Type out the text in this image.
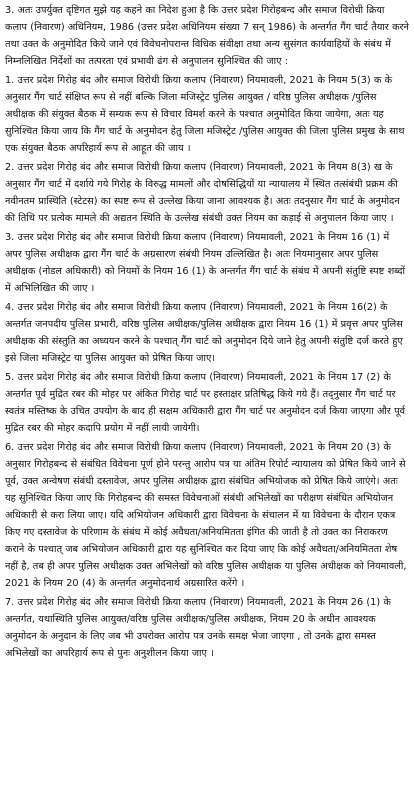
3. अतः उपर्युक्त दृष्टिगत मुझे यह कहने का निदेश हुआ है कि उत्तर प्रदेश गिरोहबन्द और समाज विरोधी क्रिया कलाप (निवारण) अधिनियम, 1986 (उत्तर प्रदेश अधिनियम संख्या 7 सन् 1986) के अन्तर्गत गैंग चार्ट तैयार करने तथा उक्त के अनुमोदित किये जाने एवं विवेचनोपरान्त विधिक संवीक्षा तथा अन्य सुसंगत कार्यवाहियों के संबंध में निम्नलिखित निर्देशों का तत्परता एवं प्रभावी ढंग से अनुपालन सुनिश्चित की जाए :

1. उत्तर प्रदेश गिरोह बंद और समाज विरोधी क्रिया कलाप (निवारण) नियमावली, 2021 के नियम 5(3) क के अनुसार गैंग चार्ट संक्षिप्त रूप से नहीं बल्कि जिला मजिस्ट्रेट पुलिस आयुक्त / वरिष्ठ पुलिस अधीक्षक /पुलिस अधीक्षक की संयुक्त बैठक में सम्यक रूप से विचार विमर्श करने के पश्चात अनुमोदित किया जायेगा, अतः यह सुनिश्चित किया जाय कि गैंग चार्ट के अनुमोदन हेतु जिला मजिस्ट्रेट /पुलिस आयुक्त की जिला पुलिस प्रमुख के साथ एक संयुक्त बैठक अपरिहार्य रूप से आहूत की जाय ।

2. उत्तर प्रदेश गिरोह बंद और समाज विरोधी क्रिया कलाप (निवारण) नियमावली, 2021 के नियम 8(3) ख के अनुसार गैंग चार्ट में दर्शाये गये गिरोह के विरुद्ध मामलों और दोषसिद्धियों या न्यायालय में स्थित तत्संबंधी प्रक्रम की नवीनतम प्रास्थिति (स्टेटस) का स्पष्ट रूप से उल्लेख किया जाना आवश्यक है। अतः तदनुसार गैंग चार्ट के अनुमोदन की तिथि पर प्रत्येक मामले की अद्यतन स्थिति के उल्लेख संबंधी उक्त नियम का कड़ाई से अनुपालन किया जाए ।

3. उत्तर प्रदेश गिरोह बंद और समाज विरोधी क्रिया कलाप (निवारण) नियमावली, 2021 के नियम 16 (1) में अपर पुलिस अधीक्षक द्वारा गैंग चार्ट के अग्रसारण संबंधी नियम उल्लिखित है। अतः नियमानुसार अपर पुलिस अधीक्षक (नोडल अधिकारी) को नियमों के नियम 16 (1) के अन्तर्गत गैंग चार्ट के संबंध में अपनी संतुष्टि स्पष्ट शब्दों में अभिलिखित की जाए ।

4. उत्तर प्रदेश गिरोह बंद और समाज विरोधी क्रिया कलाप (निवारण) नियमावली, 2021 के नियम 16(2) के अन्तर्गत जनपदीय पुलिस प्रभारी, वरिष्ठ पुलिस अधीक्षक/पुलिस अधीक्षक द्वारा नियम 16 (1) में प्रवृत्त अपर पुलिस अधीक्षक की संस्तुति का अध्ययन करने के पश्चात् गैंग चार्ट को अनुमोदन दिये जाने हेतु अपनी संतुष्टि दर्ज करते हुए इसे जिला मजिस्ट्रेट या पुलिस आयुक्त को प्रेषित किया जाए।

5. उत्तर प्रदेश गिरोह बंद और समाज विरोधी क्रिया कलाप (निवारण) नियमावली, 2021 के नियम 17 (2) के अन्तर्गत पूर्व मुद्रित रबर की मोहर पर अंकित गिरोह चार्ट पर हस्ताक्षर प्रतिषिद्ध किये गये हैं। तद्नुसार गैंग चार्ट पर स्वतंत्र मस्तिष्क के उचित उपयोग के बाद ही सक्षम अधिकारी द्वारा गैंग चार्ट पर अनुमोदन दर्ज किया जाएगा और पूर्व मुद्रित रबर की मोहर कदापि प्रयोग में नहीं लायी जायेगी।

6. उत्तर प्रदेश गिरोह बंद और समाज विरोधी क्रिया कलाप (निवारण) नियमावली, 2021 के नियम 20 (3) के अनुसार गिरोहबन्द से संबंधित विवेचना पूर्ण होने परन्तु आरोप पत्र या अंतिम रिपोर्ट न्यायालय को प्रेषित किये जाने से पूर्व, उक्त अन्वेषण संबंधी दस्तावेज, अपर पुलिस अधीक्षक द्वारा संबंधित अभियोजक को प्रेषित किये जाएंगे। अतः यह सुनिश्चित किया जाए कि गिरोहबन्द की समस्त विवेचनाओं संबंधी अभिलेखों का परीक्षण संबंधित अभियोजन अधिकारी से करा लिया जाए। यदि अभियोजन अधिकारी द्वारा विवेचना के संचालन में या विवेचना के दौरान एकत्र किए गए दस्तावेज के परिणाम के संबंध में कोई अवैधता/अनियमितता इंगित की जाती है तो उक्त का निराकरण कराने के पश्चात् जब अभियोजन अधिकारी द्वारा यह सुनिश्चित कर दिया जाए कि कोई अवैधता/अनियमितता शेष नहीं है, तब ही अपर पुलिस अधीक्षक उक्त अभिलेखों को वरिष्ठ पुलिस अधीक्षक या पुलिस अधीक्षक को नियमावली, 2021 के नियम 20 (4) के अन्तर्गत अनुमोदनार्थ अग्रसारित करेंगे ।

7. उत्तर प्रदेश गिरोह बंद और समाज विरोधी क्रिया कलाप (निवारण) नियमावली, 2021 के नियम 26 (1) के अन्तर्गत, यथास्थिति पुलिस आयुक्त/वरिष्ठ पुलिस अधीक्षक/पुलिस अधीक्षक, नियम 20 के अधीन आवश्यक अनुमोदन के अनुदान के लिए जब भी उपरोक्त आरोप पत्र उनके समक्ष भेजा जाएगा , तो उनके द्वारा समस्त अभिलेखों का अपरिहार्य रूप से पुनः अनुशीलन किया जाए ।
